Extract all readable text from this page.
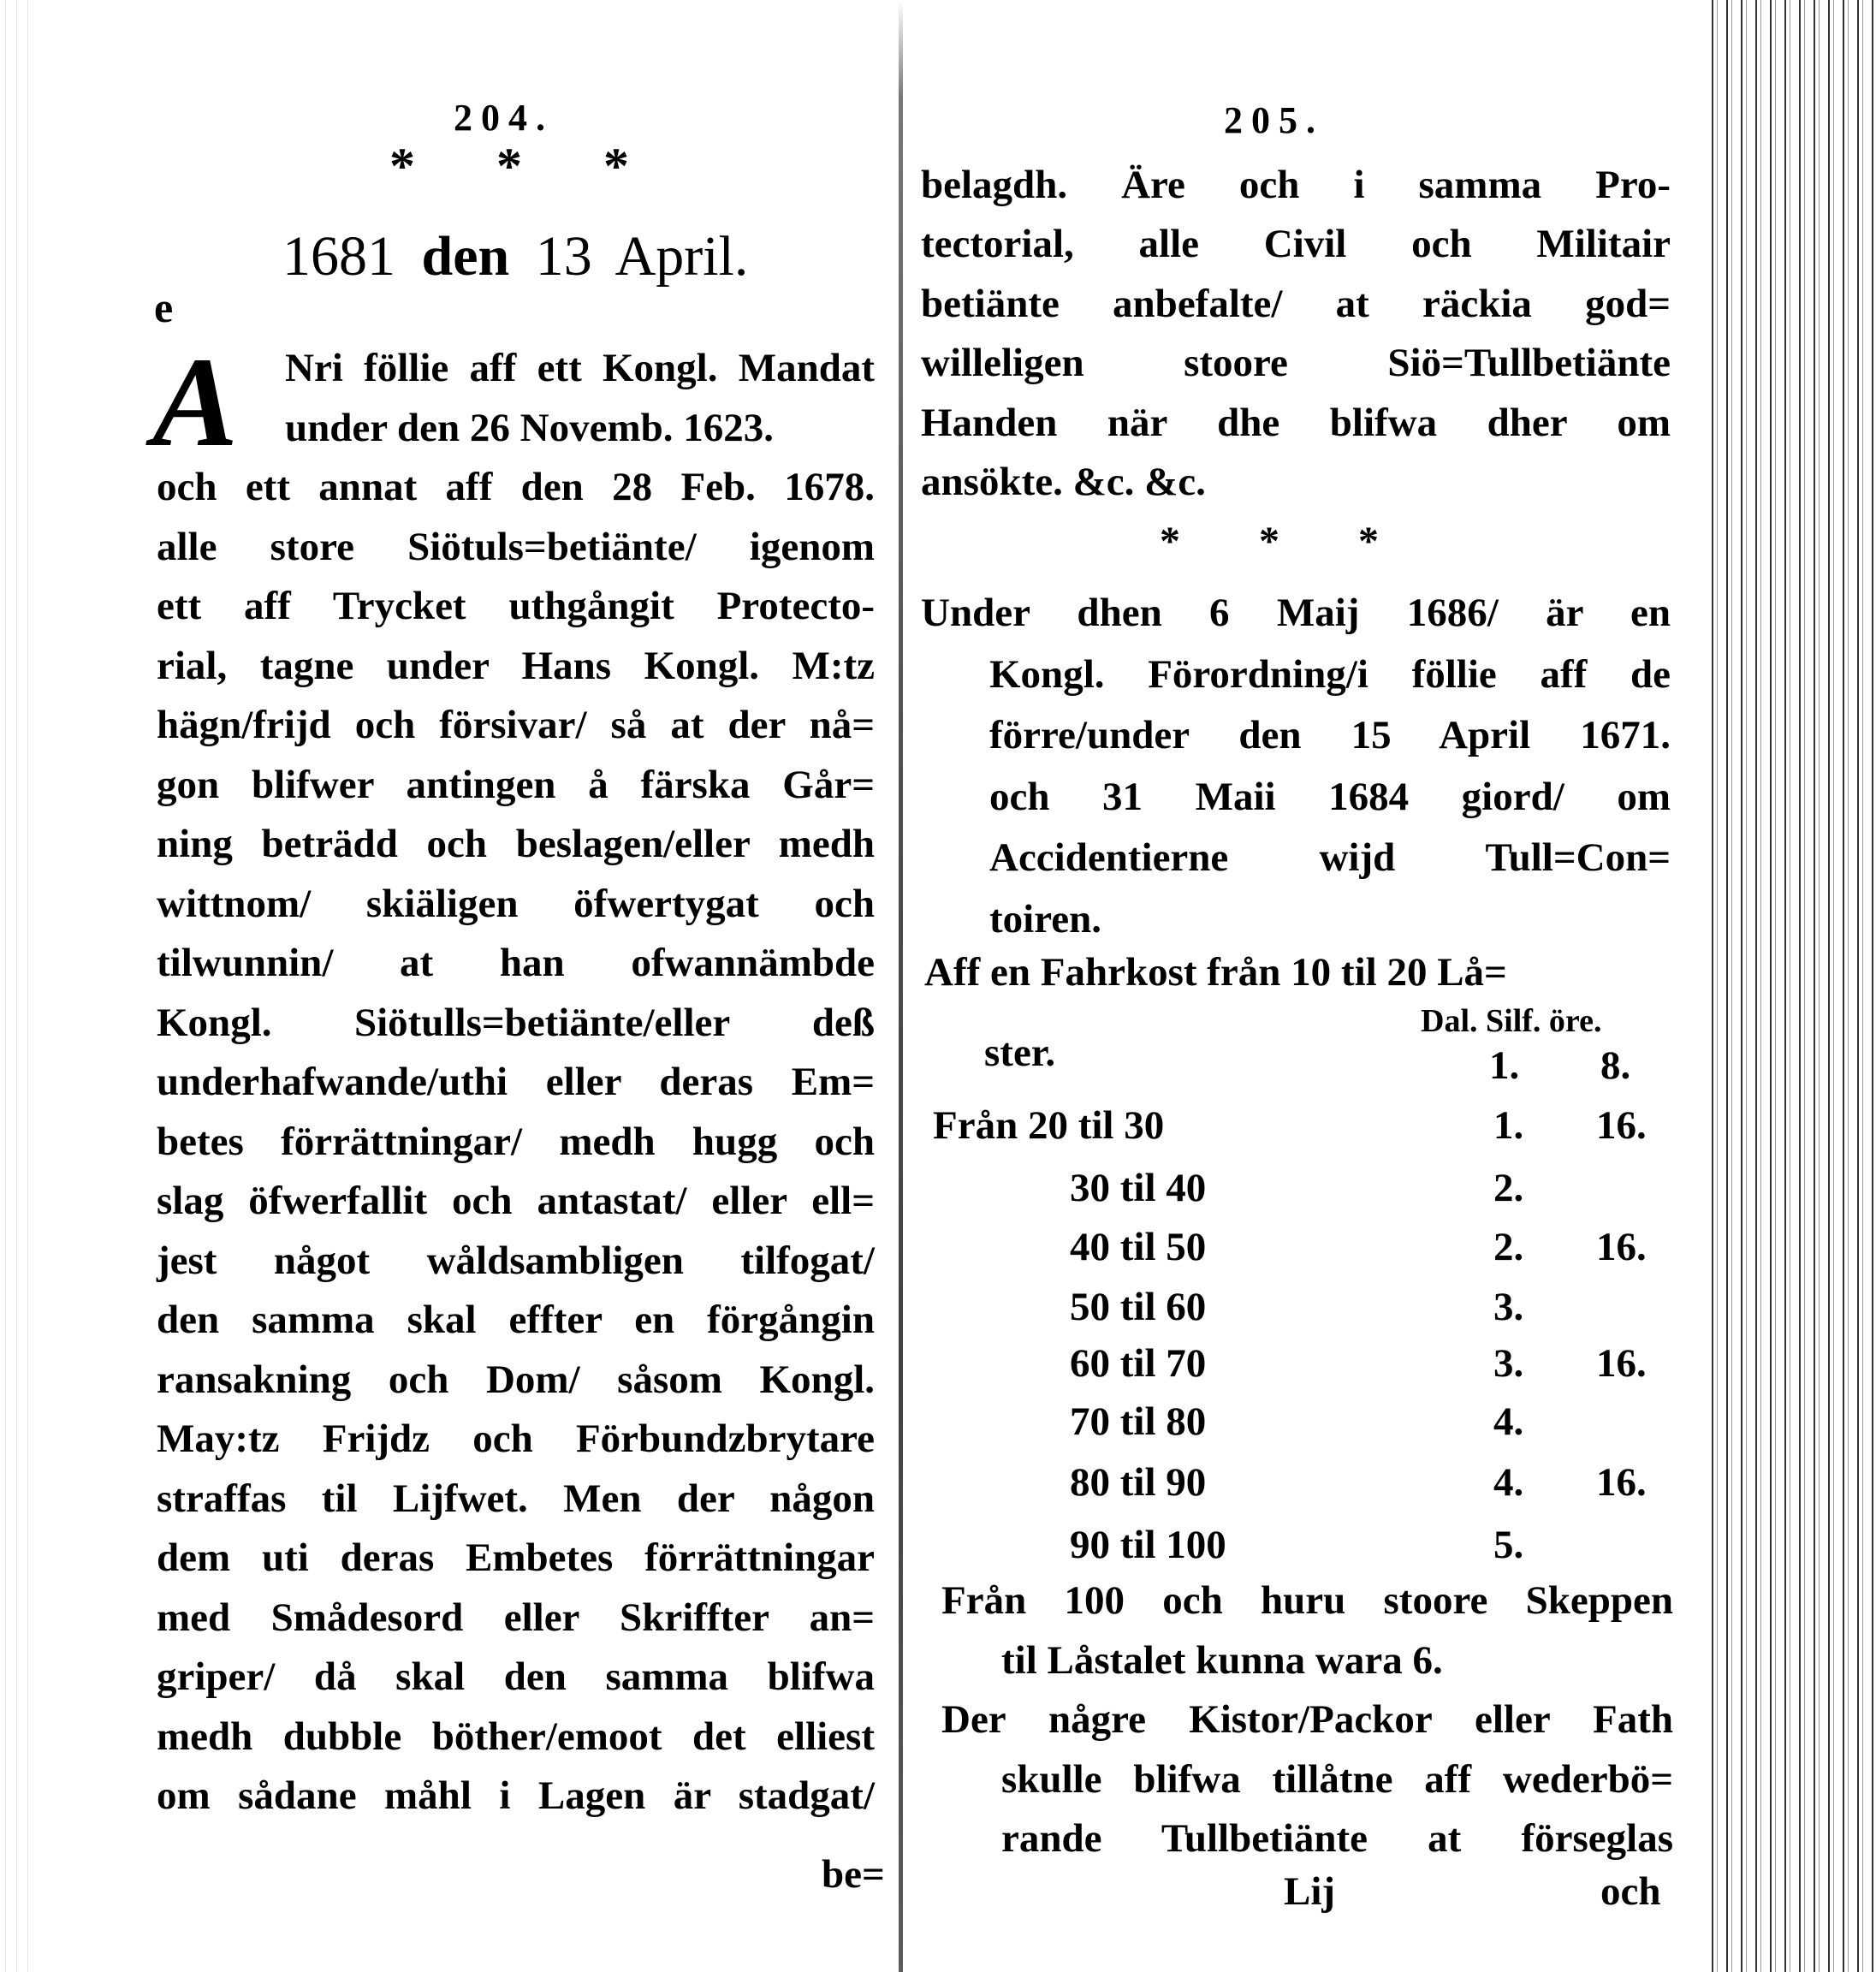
204.
* * *
1681 den 13 April.
e
A
be=
Nri föllie aff ett Kongl. Mandat
under den 26 Novemb. 1623.
och ett annat aff den 28 Feb. 1678.
alle store Siötuls=betiänte/ igenom
ett aff Trycket uthgångit Protecto-
rial, tagne under Hans Kongl. M:tz
hägn/frijd och försivar/ så at der nå=
gon blifwer antingen å färska Går=
ning beträdd och beslagen/eller medh
wittnom/ skiäligen öfwertygat och
tilwunnin/ at han ofwannämbde
Kongl. Siötulls=betiänte/eller deß
underhafwande/uthi eller deras Em=
betes förrättningar/ medh hugg och
slag öfwerfallit och antastat/ eller ell=
jest något wåldsambligen tilfogat/
den samma skal effter en förgångin
ransakning och Dom/ såsom Kongl.
May:tz Frijdz och Förbundzbrytare
straffas til Lijfwet. Men der någon
dem uti deras Embetes förrättningar
med Smådesord eller Skriffter an=
griper/ då skal den samma blifwa
medh dubble böther/emoot det elliest
om sådane måhl i Lagen är stadgat/
205.
* * *
Aff en Fahrkost från 10 til 20 Lå=
Dal. Silf. öre.
ster.	1. 8.
Lij	och
belagdh. Äre och i samma Pro-
tectorial, alle Civil och Militair
betiänte anbefalte/ at räckia god=
willeligen stoore Siö=Tullbetiänte
Handen när dhe blifwa dher om
ansökte. &c. &c.
Under dhen 6 Maij 1686/ är en
Kongl. Förordning/i föllie aff de
förre/under den 15 April 1671.
och 31 Maii 1684 giord/ om
Accidentierne wijd Tull=Con=
toiren.
Från 20 til 30	1. 16.
30 til 40	2.
40 til 50	2. 16.
50 til 60	3.
60 til 70	3. 16.
70 til 80	4.
80 til 90	4. 16.
90 til 100	5.
Från 100 och huru stoore Skeppen
til Låstalet kunna wara 6.
Der någre Kistor/Packor eller Fath
skulle blifwa tillåtne aff wederbö=
rande Tullbetiänte at förseglas
